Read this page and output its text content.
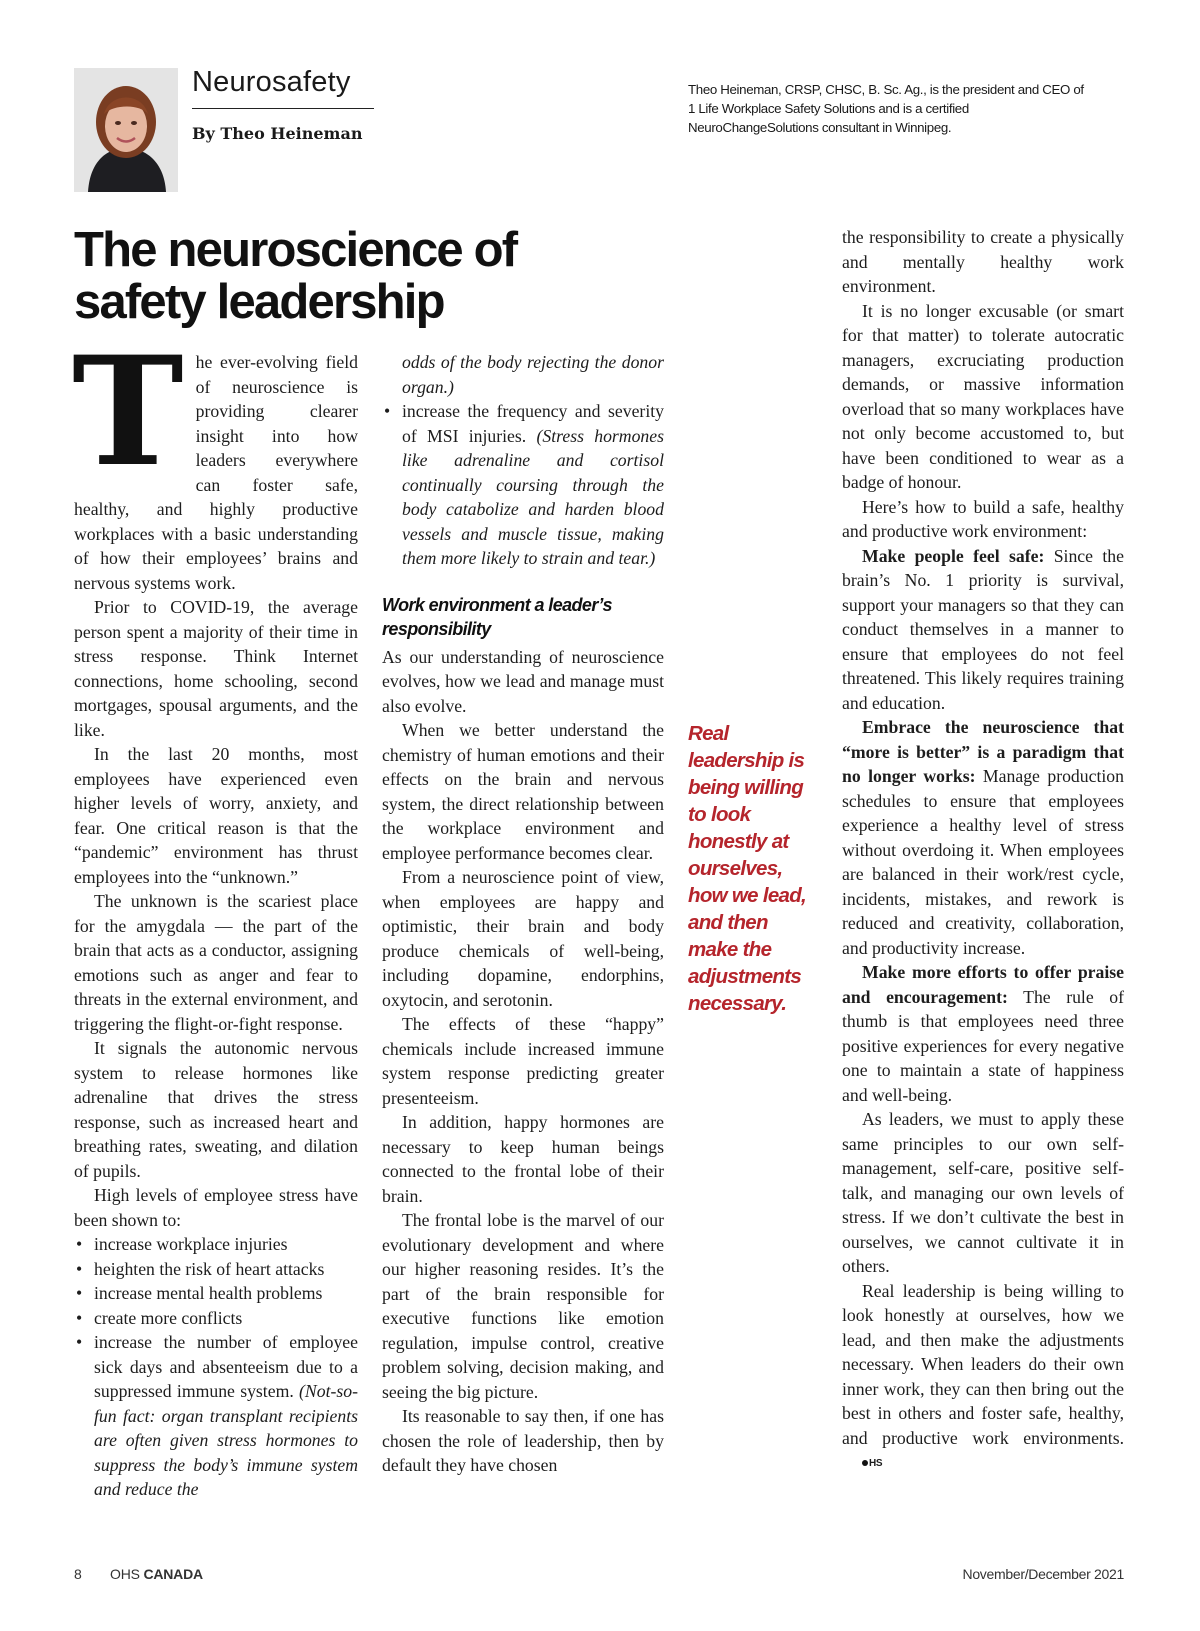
Neurosafety
By Theo Heineman
Theo Heineman, CRSP, CHSC, B. Sc. Ag., is the president and CEO of 1 Life Workplace Safety Solutions and is a certified NeuroChangeSolutions consultant in Winnipeg.
The neuroscience of
safety leadership

The ever-evolving field of neuroscience is providing clearer insight into how leaders everywhere can foster safe, healthy, and highly productive workplaces with a basic understanding of how their employees’ brains and nervous systems work.

Prior to COVID-19, the average person spent a majority of their time in stress response. Think Internet connections, home schooling, second mortgages, spousal arguments, and the like.

In the last 20 months, most employees have experienced even higher levels of worry, anxiety, and fear. One critical reason is that the “pandemic” environment has thrust employees into the “unknown.”

The unknown is the scariest place for the amygdala — the part of the brain that acts as a conductor, assigning emotions such as anger and fear to threats in the external environment, and triggering the flight-or-fight response.

It signals the autonomic nervous system to release hormones like adrenaline that drives the stress response, such as increased heart and breathing rates, sweating, and dilation of pupils.

High levels of employee stress have been shown to:

• increase workplace injuries
• heighten the risk of heart attacks
• increase mental health problems
• create more conflicts
• increase the number of employee sick days and absenteeism due to a suppressed immune system. (Not-so-fun fact: organ transplant recipients are often given stress hormones to suppress the body’s immune system and reduce the
odds of the body rejecting the donor organ.)
• increase the frequency and severity of MSI injuries. (Stress hormones like adrenaline and cortisol continually coursing through the body catabolize and harden blood vessels and muscle tissue, making them more likely to strain and tear.)
Work environment a leader’s responsibility

As our understanding of neuroscience evolves, how we lead and manage must also evolve.

When we better understand the chemistry of human emotions and their effects on the brain and nervous system, the direct relationship between the workplace environment and employee performance becomes clear.

From a neuroscience point of view, when employees are happy and optimistic, their brain and body produce chemicals of well-being, including dopamine, endorphins, oxytocin, and serotonin.

The effects of these “happy” chemicals include increased immune system response predicting greater presenteeism.

In addition, happy hormones are necessary to keep human beings connected to the frontal lobe of their brain.

The frontal lobe is the marvel of our evolutionary development and where our higher reasoning resides. It’s the part of the brain responsible for executive functions like emotion regulation, impulse control, creative problem solving, decision making, and seeing the big picture.

Its reasonable to say then, if one has chosen the role of leadership, then by default they have chosen

Real leadership is being willing to look honestly at ourselves, how we lead, and then make the adjustments necessary.

the responsibility to create a physically and mentally healthy work environment.

It is no longer excusable (or smart for that matter) to tolerate autocratic managers, excruciating production demands, or massive information overload that so many workplaces have not only become accustomed to, but have been conditioned to wear as a badge of honour.

Here’s how to build a safe, healthy and productive work environment:

Make people feel safe: Since the brain’s No. 1 priority is survival, support your managers so that they can conduct themselves in a manner to ensure that employees do not feel threatened. This likely requires training and education.

Embrace the neuroscience that “more is better” is a paradigm that no longer works: Manage production schedules to ensure that employees experience a healthy level of stress without overdoing it. When employees are balanced in their work/rest cycle, incidents, mistakes, and rework is reduced and creativity, collaboration, and productivity increase.

Make more efforts to offer praise and encouragement: The rule of thumb is that employees need three positive experiences for every negative one to maintain a state of happiness and well-being.

As leaders, we must to apply these same principles to our own self-management, self-care, positive self-talk, and managing our own levels of stress. If we don’t cultivate the best in ourselves, we cannot cultivate it in others.

Real leadership is being willing to look honestly at ourselves, how we lead, and then make the adjustments necessary. When leaders do their own inner work, they can then bring out the best in others and foster safe, healthy, and productive work environments. HS

8 OHS CANADA	November/December 2021
